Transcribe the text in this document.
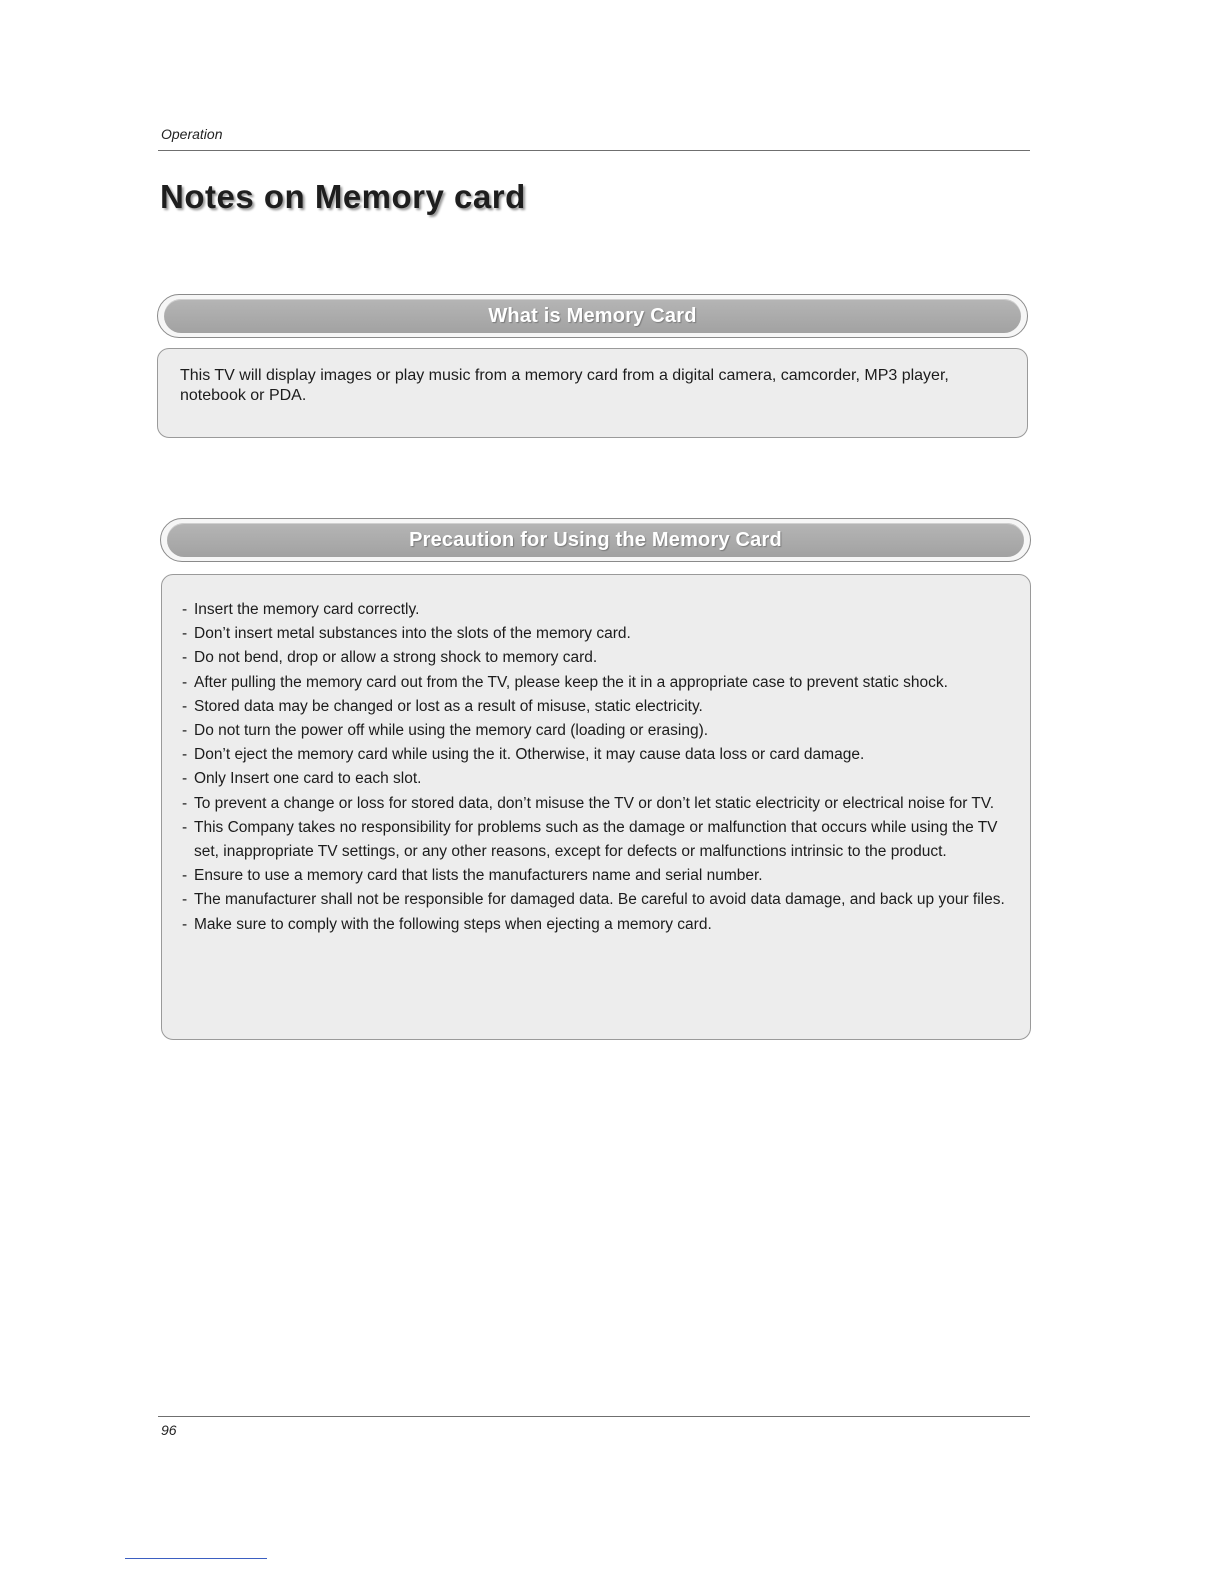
Operation
Notes on Memory card
What is Memory Card

This TV will display images or play music from a memory card from a digital camera, camcorder, MP3 player, notebook or PDA.

Precaution for Using the Memory Card
- Insert the memory card correctly.
- Don’t insert metal substances into the slots of the memory card.
- Do not bend, drop or allow a strong shock to memory card.
- After pulling the memory card out from the TV, please keep the it in a appropriate case to prevent static shock.
- Stored data may be changed or lost as a result of misuse, static electricity.
- Do not turn the power off while using the memory card (loading or erasing).
- Don’t eject the memory card while using the it. Otherwise, it may cause data loss or card damage.
- Only Insert one card to each slot.
- To prevent a change or loss for stored data, don’t misuse the TV or don’t let static electricity or electrical noise for TV.
- This Company takes no responsibility for problems such as the damage or malfunction that occurs while using the TV set, inappropriate TV settings, or any other reasons, except for defects or malfunctions intrinsic to the product.
- Ensure to use a memory card that lists the manufacturers name and serial number.
- The manufacturer shall not be responsible for damaged data. Be careful to avoid data damage, and back up your files.
- Make sure to comply with the following steps when ejecting a memory card.
96
